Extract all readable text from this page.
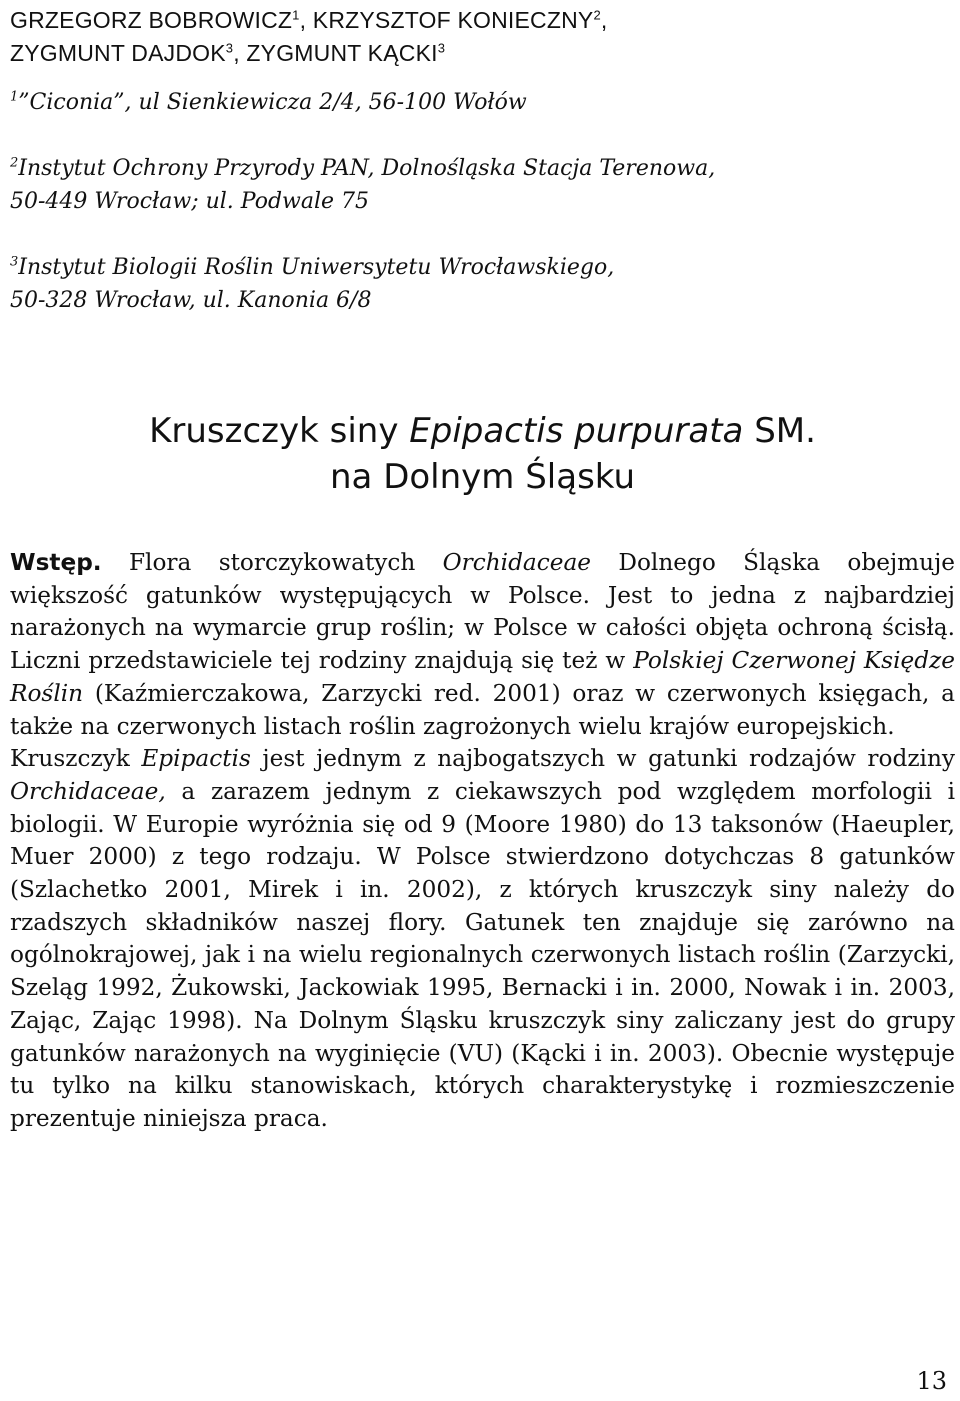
GRZEGORZ BOBROWICZ$^1$, KRZYSZTOF KONIECZNY$^2$,
ZYGMUNT DAJDOK$^3$, ZYGMUNT KĄCKI$^3$
$^1$”Ciconia”, ul Sienkiewicza 2/4, 56-100 Wołów
$^2$Instytut Ochrony Przyrody PAN, Dolnośląska Stacja Terenowa,
50-449 Wrocław; ul. Podwale 75
$^3$Instytut Biologii Roślin Uniwersytetu Wrocławskiego,
50-328 Wrocław, ul. Kanonia 6/8
Kruszczyk siny Epipactis purpurata SM.
na Dolnym Śląsku

Wstęp. Flora storczykowatych Orchidaceae Dolnego Śląska obejmuje większość gatunków występujących w Polsce. Jest to jedna z najbardziej narażonych na wymarcie grup roślin; w Polsce w całości objęta ochroną ścisłą. Liczni przedstawiciele tej rodziny znajdują się też w Polskiej Czerwonej Księdze Roślin (Kaźmierczakowa, Zarzycki red. 2001) oraz w czerwonych księgach, a także na czerwonych listach roślin zagrożonych wielu krajów europejskich.

Kruszczyk Epipactis jest jednym z najbogatszych w gatunki rodzajów rodziny Orchidaceae, a zarazem jednym z ciekawszych pod względem morfologii i biologii. W Europie wyróżnia się od 9 (Moore 1980) do 13 taksonów (Haeupler, Muer 2000) z tego rodzaju. W Polsce stwierdzono dotychczas 8 gatunków (Szlachetko 2001, Mirek i in. 2002), z których kruszczyk siny należy do rzadszych składników naszej flory. Gatunek ten znajduje się zarówno na ogólnokrajowej, jak i na wielu regionalnych czerwonych listach roślin (Zarzycki, Szeląg 1992, Żukowski, Jackowiak 1995, Bernacki i in. 2000, Nowak i in. 2003, Zając, Zając 1998). Na Dolnym Śląsku kruszczyk siny zaliczany jest do grupy gatunków narażonych na wyginięcie (VU) (Kącki i in. 2003). Obecnie występuje tu tylko na kilku stanowiskach, których charakterystykę i rozmieszczenie prezentuje niniejsza praca.

13
